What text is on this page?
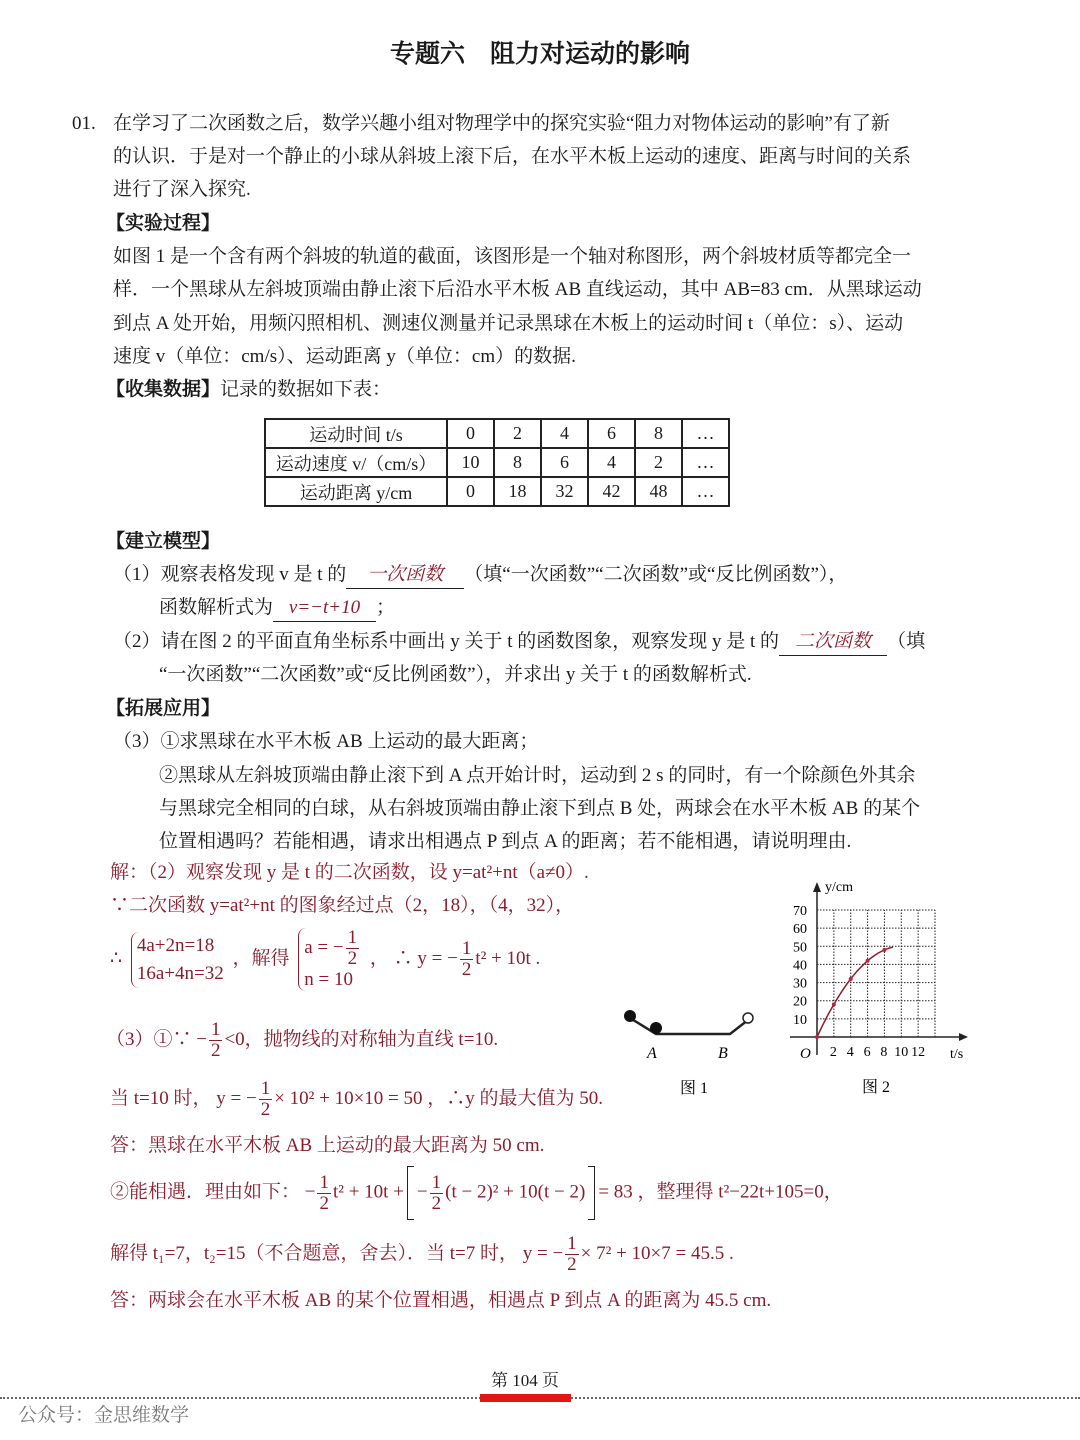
专题六　阻力对运动的影响
01. 在学习了二次函数之后，数学兴趣小组对物理学中的探究实验“阻力对物体运动的影响”有了新
的认识．于是对一个静止的小球从斜坡上滚下后，在水平木板上运动的速度、距离与时间的关系
进行了深入探究.
【实验过程】
如图 1 是一个含有两个斜坡的轨道的截面，该图形是一个轴对称图形，两个斜坡材质等都完全一
样．一个黑球从左斜坡顶端由静止滚下后沿水平木板 AB 直线运动，其中 AB=83 cm．从黑球运动
到点 A 处开始，用频闪照相机、测速仪测量并记录黑球在木板上的运动时间 t（单位：s）、运动
速度 v（单位：cm/s）、运动距离 y（单位：cm）的数据.
【收集数据】记录的数据如下表：
运动时间 t/s	0	2	4	6	8	…
运动速度 v/（cm/s）	10	8	6	4	2	…
运动距离 y/cm	0	18	32	42	48	…
【建立模型】
（1）观察表格发现 v 是 t 的 一次函数 （填“一次函数”“二次函数”或“反比例函数”），
函数解析式为 v=−t+10 ；
（2）请在图 2 的平面直角坐标系中画出 y 关于 t 的函数图象，观察发现 y 是 t 的 二次函数 （填
“一次函数”“二次函数”或“反比例函数”），并求出 y 关于 t 的函数解析式.
【拓展应用】
（3）①求黑球在水平木板 AB 上运动的最大距离；
②黑球从左斜坡顶端由静止滚下到 A 点开始计时，运动到 2 s 的同时，有一个除颜色外其余
与黑球完全相同的白球，从右斜坡顶端由静止滚下到点 B 处，两球会在水平木板 AB 的某个
位置相遇吗？若能相遇，请求出相遇点 P 到点 A 的距离；若不能相遇，请说明理由.
解：（2）观察发现 y 是 t 的二次函数，设 y=at²+nt（a≠0）.
∵二次函数 y=at²+nt 的图象经过点（2，18），（4，32），
∴
4a+2n=18
16a+4n=32
，解得
a = − $\frac{1}{2}$
n = 10
， ∴ y = − $\frac{1}{2} t^2 + 10t$ .
（3）①∵ − $\frac{1}{2} <0$，抛物线的对称轴为直线 t=10.
当 t=10 时， y = − $\frac{1}{2} \times 10^2 + 10\times 10 = 50$ ，∴y 的最大值为 50.
答：黑球在水平木板 AB 上运动的最大距离为 50 cm.
②能相遇．理由如下： − $\frac{1}{2} t^2 + 10t$ + − $\frac{1}{2} (t - 2)^2 + 10(t - 2) = 83$ ，整理得 t²−22t+105=0，
解得 t₁=7，t₂=15（不合题意，舍去）．当 t=7 时， y = − $\frac{1}{2} \times 7^2 + 10\times 7 = 45.5$ .
答：两球会在水平木板 AB 的某个位置相遇，相遇点 P 到点 A 的距离为 45.5 cm.
A	B
图 1
2 4 6 8 10 12
10
20
30
40
50
60
70
O	t/s
y/cm
图 2
第 104 页
公众号：金思维数学
